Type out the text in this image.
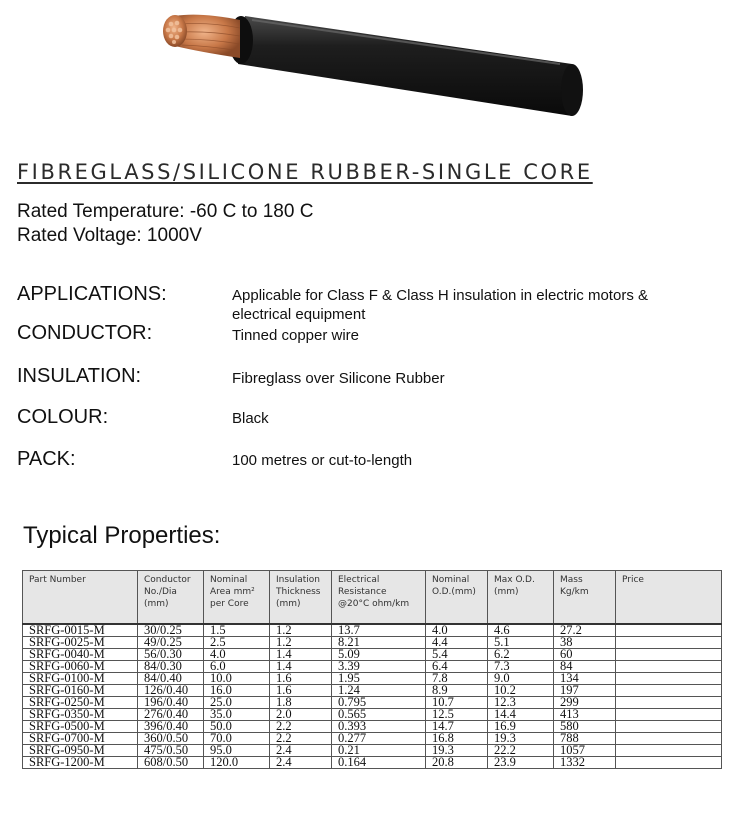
FIBREGLASS/SILICONE RUBBER-SINGLE CORE
Rated Temperature: -60 C to 180 C
Rated Voltage: 1000V
APPLICATIONS:	Applicable for Class F & Class H insulation in electric motors & electrical equipment
CONDUCTOR:	Tinned copper wire
INSULATION:	Fibreglass over Silicone Rubber
COLOUR:	Black
PACK:	100 metres or cut-to-length
Typical Properties:
Part Number	Conductor No./Dia (mm)	Nominal Area mm² per Core	Insulation Thickness (mm)	Electrical Resistance @20°C ohm/km	Nominal O.D.(mm)	Max O.D.(mm)	Mass Kg/km	Price
SRFG-0015-M	30/0.25	1.5	1.2	13.7	4.0	4.6	27.2	
SRFG-0025-M	49/0.25	2.5	1.2	8.21	4.4	5.1	38	
SRFG-0040-M	56/0.30	4.0	1.4	5.09	5.4	6.2	60	
SRFG-0060-M	84/0.30	6.0	1.4	3.39	6.4	7.3	84	
SRFG-0100-M	84/0.40	10.0	1.6	1.95	7.8	9.0	134	
SRFG-0160-M	126/0.40	16.0	1.6	1.24	8.9	10.2	197	
SRFG-0250-M	196/0.40	25.0	1.8	0.795	10.7	12.3	299	
SRFG-0350-M	276/0.40	35.0	2.0	0.565	12.5	14.4	413	
SRFG-0500-M	396/0.40	50.0	2.2	0.393	14.7	16.9	580	
SRFG-0700-M	360/0.50	70.0	2.2	0.277	16.8	19.3	788	
SRFG-0950-M	475/0.50	95.0	2.4	0.21	19.3	22.2	1057	
SRFG-1200-M	608/0.50	120.0	2.4	0.164	20.8	23.9	1332	
